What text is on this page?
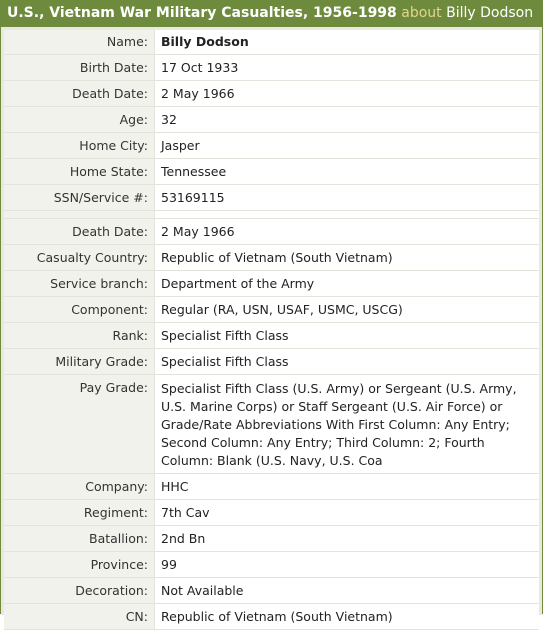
U.S., Vietnam War Military Casualties, 1956-1998 about Billy Dodson
Name:	Billy Dodson
Birth Date:	17 Oct 1933
Death Date:	2 May 1966
Age:	32
Home City:	Jasper
Home State:	Tennessee
SSN/Service #:	53169115

Death Date:	2 May 1966
Casualty Country:	Republic of Vietnam (South Vietnam)
Service branch:	Department of the Army
Component:	Regular (RA, USN, USAF, USMC, USCG)
Rank:	Specialist Fifth Class
Military Grade:	Specialist Fifth Class
Pay Grade:	Specialist Fifth Class (U.S. Army) or Sergeant (U.S. Army, U.S. Marine Corps) or Staff Sergeant (U.S. Air Force) or Grade/Rate Abbreviations With First Column: Any Entry; Second Column: Any Entry; Third Column: 2; Fourth Column: Blank (U.S. Navy, U.S. Coa
Company:	HHC
Regiment:	7th Cav
Batallion:	2nd Bn
Province:	99
Decoration:	Not Available
CN:	Republic of Vietnam (South Vietnam)
